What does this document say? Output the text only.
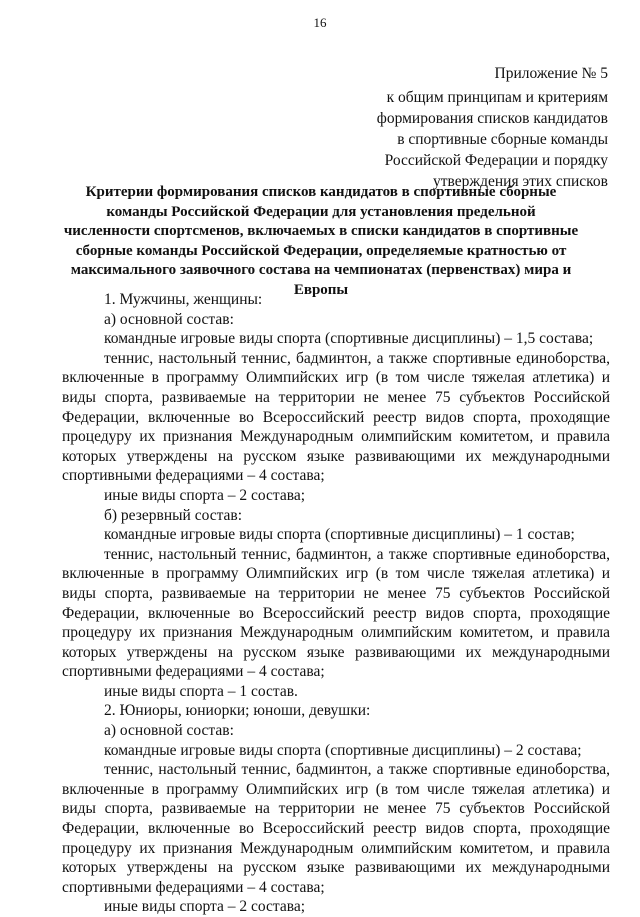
16
Приложение № 5
к общим принципам и критериям
формирования списков кандидатов
в спортивные сборные команды
Российской Федерации и порядку
утверждения этих списков
Критерии формирования списков кандидатов в спортивные сборные команды Российской Федерации для установления предельной численности спортсменов, включаемых в списки кандидатов в спортивные сборные команды Российской Федерации, определяемые кратностью от максимального заявочного состава на чемпионатах (первенствах) мира и Европы

1. Мужчины, женщины:

а) основной состав:

командные игровые виды спорта (спортивные дисциплины) – 1,5 состава;

теннис, настольный теннис, бадминтон, а также спортивные единоборства, включенные в программу Олимпийских игр (в том числе тяжелая атлетика) и виды спорта, развиваемые на территории не менее 75 субъектов Российской Федерации, включенные во Всероссийский реестр видов спорта, проходящие процедуру их признания Международным олимпийским комитетом, и правила которых утверждены на русском языке развивающими их международными спортивными федерациями – 4 состава;

иные виды спорта – 2 состава;

б) резервный состав:

командные игровые виды спорта (спортивные дисциплины) – 1 состав;

теннис, настольный теннис, бадминтон, а также спортивные единоборства, включенные в программу Олимпийских игр (в том числе тяжелая атлетика) и виды спорта, развиваемые на территории не менее 75 субъектов Российской Федерации, включенные во Всероссийский реестр видов спорта, проходящие процедуру их признания Международным олимпийским комитетом, и правила которых утверждены на русском языке развивающими их международными спортивными федерациями – 4 состава;

иные виды спорта – 1 состав.

2. Юниоры, юниорки; юноши, девушки:

а) основной состав:

командные игровые виды спорта (спортивные дисциплины) – 2 состава;

теннис, настольный теннис, бадминтон, а также спортивные единоборства, включенные в программу Олимпийских игр (в том числе тяжелая атлетика) и виды спорта, развиваемые на территории не менее 75 субъектов Российской Федерации, включенные во Всероссийский реестр видов спорта, проходящие процедуру их признания Международным олимпийским комитетом, и правила которых утверждены на русском языке развивающими их международными спортивными федерациями – 4 состава;

иные виды спорта – 2 состава;
